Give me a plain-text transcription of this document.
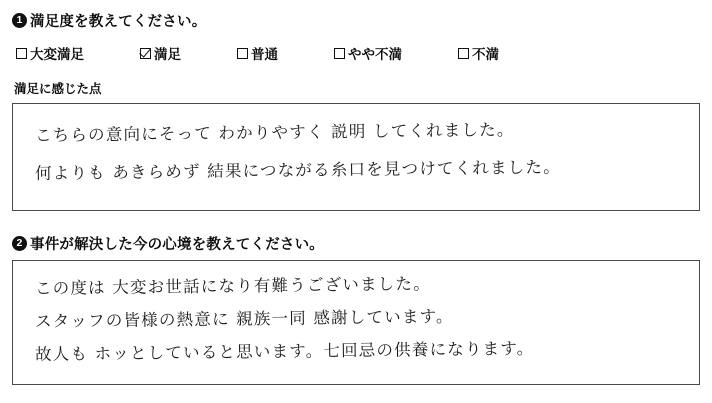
1 満足度を教えてください。
大変満足	満足	普通	やや不満	不満
満足に感じた点
こちらの意向にそって わかりやすく 説明 してくれました。
何よりも あきらめず 結果につながる糸口を見つけてくれました。
2 事件が解決した今の心境を教えてください。
この度は 大変お世話になり有難うございました。
スタッフの皆様の熱意に 親族一同 感謝しています。
故人も ホッとしていると思います。七回忌の供養になります。
